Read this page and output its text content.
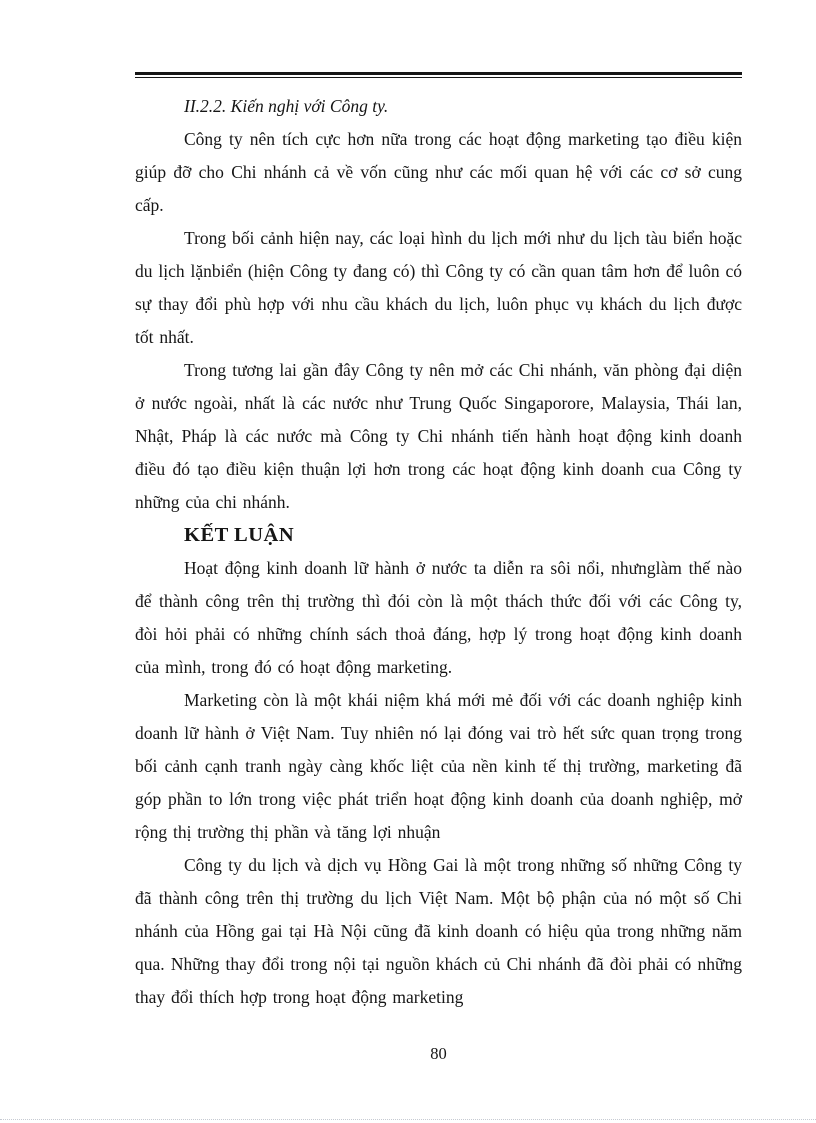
II.2.2. Kiến nghị với Công ty.

Công ty nên tích cực hơn nữa trong các hoạt động marketing tạo điều kiện giúp đỡ cho Chi nhánh cả về vốn cũng như các mối quan hệ với các cơ sở cung cấp.

Trong bối cảnh hiện nay, các loại hình du lịch mới như du lịch tàu biển hoặc du lịch lặnbiển (hiện Công ty đang có) thì Công ty có cần quan tâm hơn để luôn có sự thay đổi phù hợp với nhu cầu khách du lịch, luôn phục vụ khách du lịch được tốt nhất.

Trong tương lai gần đây Công ty nên mở các Chi nhánh, văn phòng đại diện ở nước ngoài, nhất là các nước như Trung Quốc Singaporore, Malaysia, Thái lan, Nhật, Pháp là các nước mà Công ty Chi nhánh tiến hành hoạt động kinh doanh điều đó tạo điều kiện thuận lợi hơn trong các hoạt động kinh doanh cua Công ty những của chi nhánh.

KẾT LUẬN

Hoạt động kinh doanh lữ hành ở nước ta diễn ra sôi nổi, nhưnglàm thế nào để thành công trên thị trường thì đói còn là một thách thức đối với các Công ty, đòi hỏi phải có những chính sách thoả đáng, hợp lý trong hoạt động kinh doanh của mình, trong đó có hoạt động marketing.

Marketing còn là một khái niệm khá mới mẻ đối với các doanh nghiệp kinh doanh lữ hành ở Việt Nam. Tuy nhiên nó lại đóng vai trò hết sức quan trọng trong bối cảnh cạnh tranh ngày càng khốc liệt của nền kinh tế thị trường, marketing đã góp phần to lớn trong việc phát triển hoạt động kinh doanh của doanh nghiệp, mở rộng thị trường thị phần và tăng lợi nhuận

Công ty du lịch và dịch vụ Hồng Gai là một trong những số những Công ty đã thành công trên thị trường du lịch Việt Nam. Một bộ phận của nó một số Chi nhánh của Hồng gai tại Hà Nội cũng đã kinh doanh có hiệu qủa trong những năm qua. Những thay đổi trong nội tại nguồn khách củ Chi nhánh đã đòi phải có những thay đổi thích hợp trong hoạt động marketing

80
